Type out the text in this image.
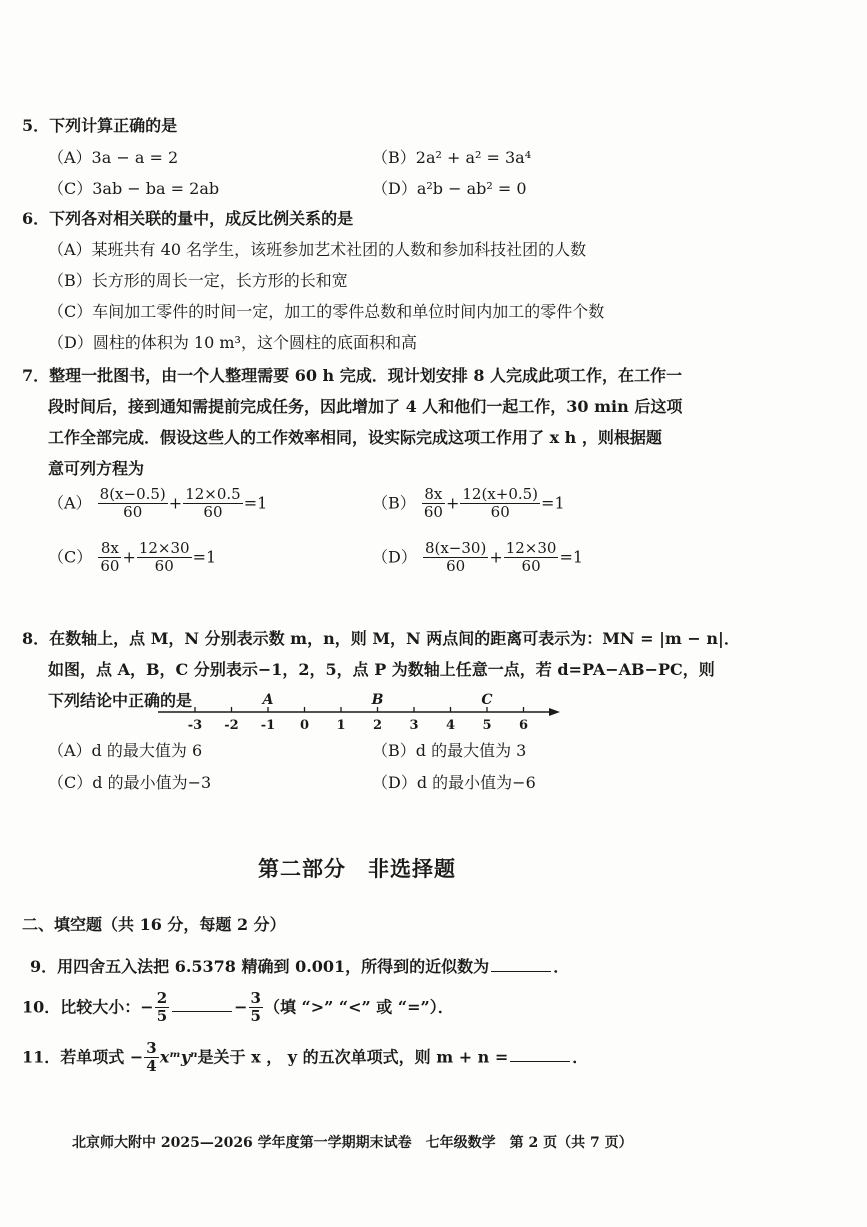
5．下列计算正确的是
（A）3a − a = 2	（B）2a² + a² = 3a⁴
（C）3ab − ba = 2ab	（D）a²b − ab² = 0
6．下列各对相关联的量中，成反比例关系的是
（A）某班共有 40 名学生，该班参加艺术社团的人数和参加科技社团的人数
（B）长方形的周长一定，长方形的长和宽
（C）车间加工零件的时间一定，加工的零件总数和单位时间内加工的零件个数
（D）圆柱的体积为 10 m³，这个圆柱的底面积和高
7．整理一批图书，由一个人整理需要 60 h 完成．现计划安排 8 人完成此项工作，在工作一
段时间后，接到通知需提前完成任务，因此增加了 4 人和他们一起工作，30 min 后这项
工作全部完成．假设这些人的工作效率相同，设实际完成这项工作用了 x h ，则根据题
意可列方程为
$(A) \frac{8(x-0.5)}{60} + \frac{12\times 0.5}{60} =1$	$(B) \frac{8x}{60} + \frac{12(x+0.5)}{60} =1$
$(C) \frac{8x}{60} + \frac{12\times 30}{60} =1$	$(D) \frac{8(x-30)}{60} + \frac{12\times 30}{60} =1$
8．在数轴上，点 M，N 分别表示数 m，n，则 M，N 两点间的距离可表示为：MN = |m − n|．
如图，点 A，B，C 分别表示−1，2，5，点 P 为数轴上任意一点，若 d=PA−AB−PC，则
下列结论中正确的是
-3 -2 -1 0 1 2 3 4 5 6
A	B	C
（A）d 的最大值为 6	（B）d 的最大值为 3
（C）d 的最小值为−3	（D）d 的最小值为−6
第二部分　非选择题
二、填空题（共 16 分，每题 2 分）
9．用四舍五入法把 6.5378 精确到 0.001，所得到的近似数为	．
10．比较大小：− $\frac{2}{5}$	− $\frac{3}{5}$ （填 “>” “<” 或 “=”）．
11．若单项式 − $\frac{3}{4}$ xᵐyⁿ是关于 x ， y 的五次单项式，则 m + n =	．
北京师大附中 2025—2026 学年度第一学期期末试卷　七年级数学　第 2 页（共 7 页）
